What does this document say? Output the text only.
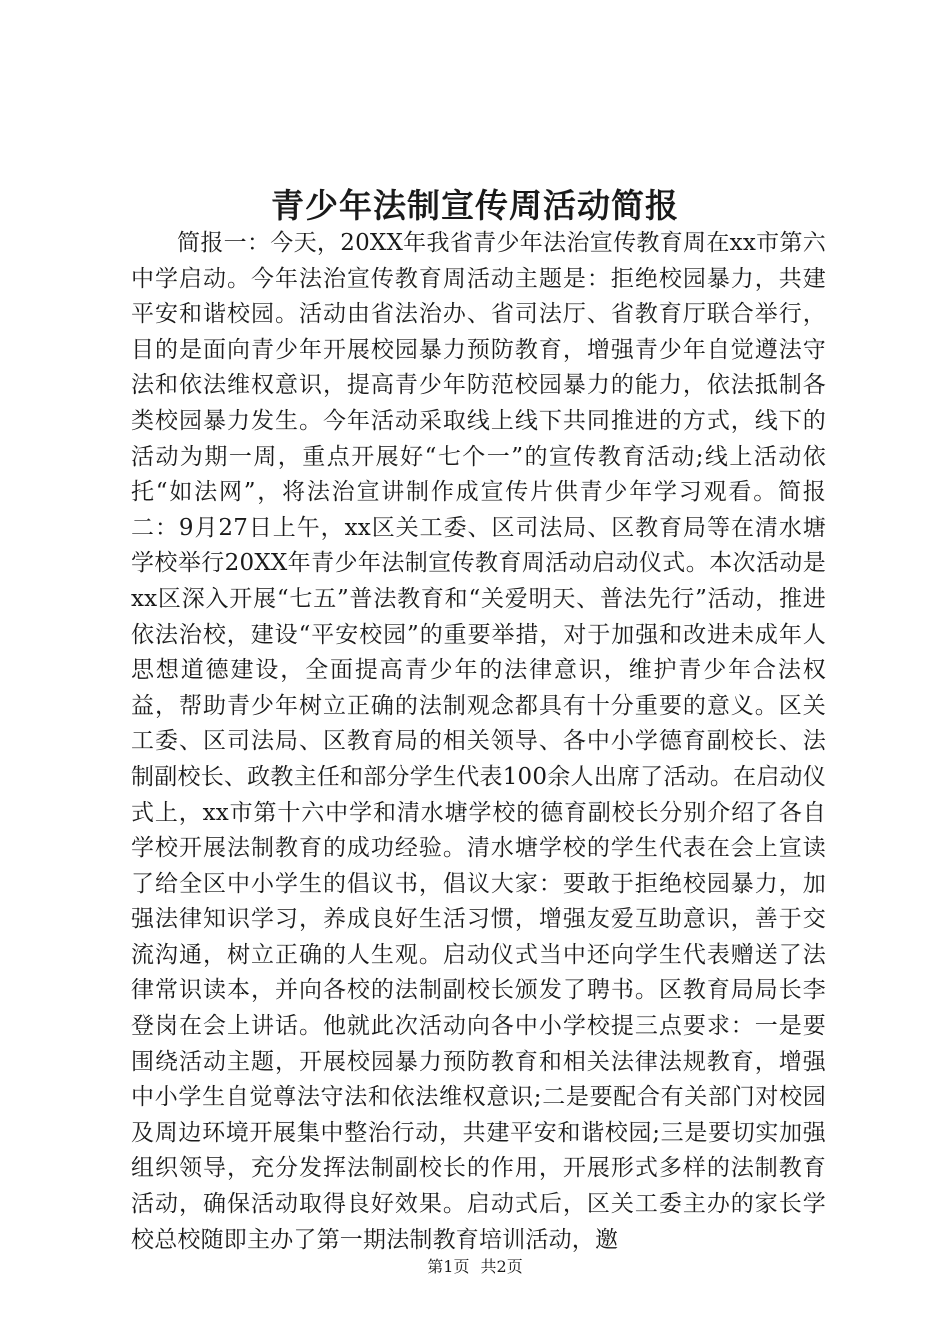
青少年法制宣传周活动简报

简报一：今天，20XX年我省青少年法治宣传教育周在xx市第六中学启动。今年法治宣传教育周活动主题是：拒绝校园暴力，共建平安和谐校园。活动由省法治办、省司法厅、省教育厅联合举行，目的是面向青少年开展校园暴力预防教育，增强青少年自觉遵法守法和依法维权意识，提高青少年防范校园暴力的能力，依法抵制各类校园暴力发生。今年活动采取线上线下共同推进的方式，线下的活动为期一周，重点开展好“七个一”的宣传教育活动;线上活动依托“如法网”，将法治宣讲制作成宣传片供青少年学习观看。简报二：9月27日上午，xx区关工委、区司法局、区教育局等在清水塘学校举行20XX年青少年法制宣传教育周活动启动仪式。本次活动是xx区深入开展“七五”普法教育和“关爱明天、普法先行”活动，推进依法治校，建设“平安校园”的重要举措，对于加强和改进未成年人思想道德建设，全面提高青少年的法律意识，维护青少年合法权益，帮助青少年树立正确的法制观念都具有十分重要的意义。区关工委、区司法局、区教育局的相关领导、各中小学德育副校长、法制副校长、政教主任和部分学生代表100余人出席了活动。在启动仪式上，xx市第十六中学和清水塘学校的德育副校长分别介绍了各自学校开展法制教育的成功经验。清水塘学校的学生代表在会上宣读了给全区中小学生的倡议书，倡议大家：要敢于拒绝校园暴力，加强法律知识学习，养成良好生活习惯，增强友爱互助意识，善于交流沟通，树立正确的人生观。启动仪式当中还向学生代表赠送了法律常识读本，并向各校的法制副校长颁发了聘书。区教育局局长李登岗在会上讲话。他就此次活动向各中小学校提三点要求：一是要围绕活动主题，开展校园暴力预防教育和相关法律法规教育，增强中小学生自觉尊法守法和依法维权意识;二是要配合有关部门对校园及周边环境开展集中整治行动，共建平安和谐校园;三是要切实加强组织领导，充分发挥法制副校长的作用，开展形式多样的法制教育活动，确保活动取得良好效果。启动式后，区关工委主办的家长学校总校随即主办了第一期法制教育培训活动，邀

第1页 共2页
